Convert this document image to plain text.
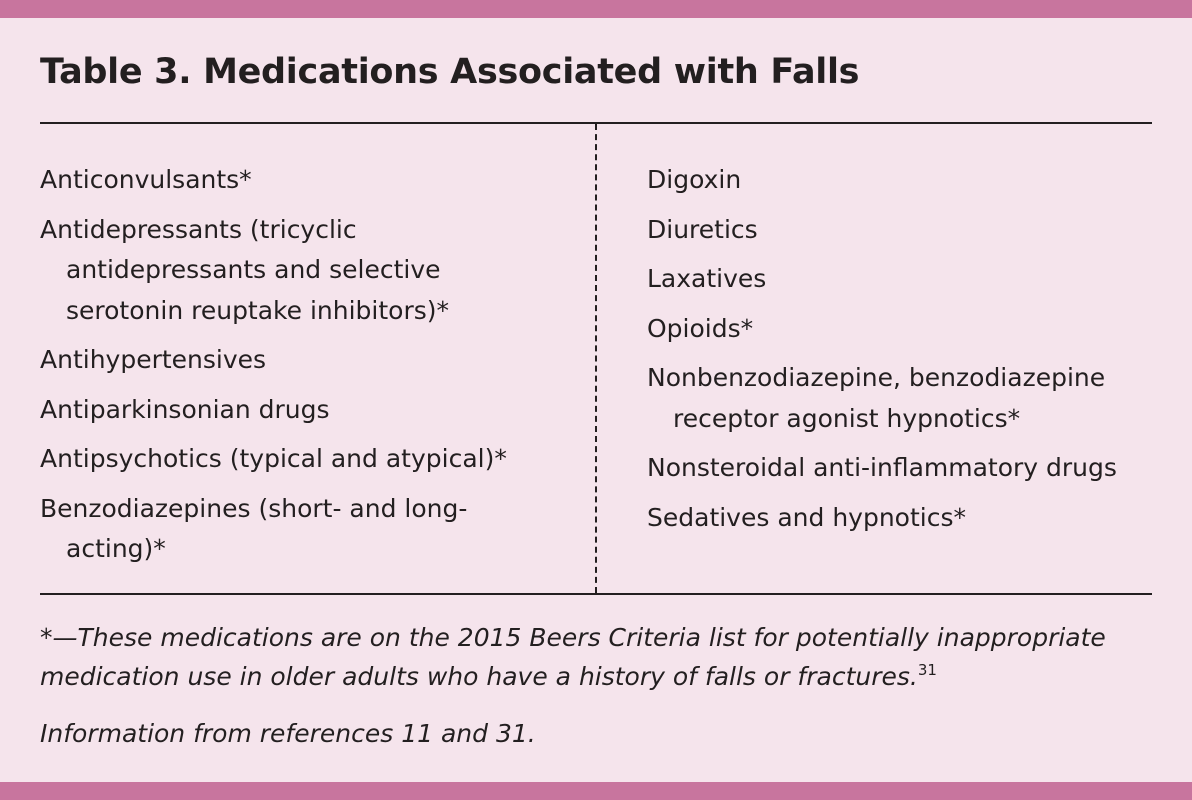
Table 3. Medications Associated with Falls
Anticonvulsants*
Antidepressants (tricyclic
antidepressants and selective
serotonin reuptake inhibitors)*
Antihypertensives
Antiparkinsonian drugs
Antipsychotics (typical and atypical)*
Benzodiazepines (short- and long-
acting)*
Digoxin
Diuretics
Laxatives
Opioids*
Nonbenzodiazepine, benzodiazepine
receptor agonist hypnotics*
Nonsteroidal anti-inflammatory drugs
Sedatives and hypnotics*

*—These medications are on the 2015 Beers Criteria list for potentially inappropriate medication use in older adults who have a history of falls or fractures.$^{31}$

Information from references 11 and 31.
